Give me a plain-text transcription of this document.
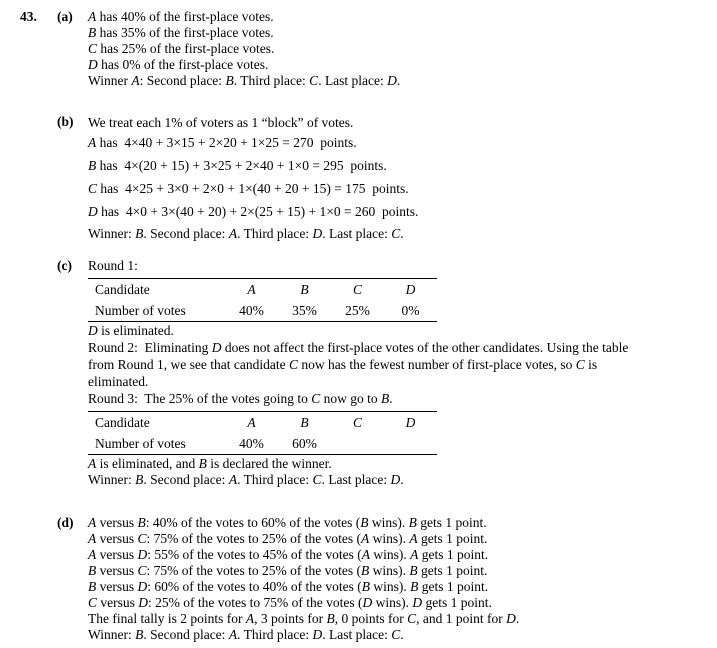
43.	(a)	A has 40% of the first-place votes.
B has 35% of the first-place votes.
C has 25% of the first-place votes.
D has 0% of the first-place votes.
Winner A: Second place: B. Third place: C. Last place: D.
(b)	We treat each 1% of voters as 1 “block” of votes.
A has  4×40 + 3×15 + 2×20 + 1×25 = 270  points.
B has  4×(20 + 15) + 3×25 + 2×40 + 1×0 = 295  points.
C has  4×25 + 3×0 + 2×0 + 1×(40 + 20 + 15) = 175  points.
D has  4×0 + 3×(40 + 20) + 2×(25 + 15) + 1×0 = 260  points.
Winner: B. Second place: A. Third place: D. Last place: C.
(c)	Round 1:
Candidate	A	B	C	D
Number of votes	40%	35%	25%	0%
D is eliminated.
Round 2:  Eliminating D does not affect the first-place votes of the other candidates. Using the table
from Round 1, we see that candidate C now has the fewest number of first-place votes, so C is
eliminated.
Round 3:  The 25% of the votes going to C now go to B.
Candidate	A	B	C	D
Number of votes	40%	60%		
A is eliminated, and B is declared the winner.
Winner: B. Second place: A. Third place: C. Last place: D.
(d)	A versus B: 40% of the votes to 60% of the votes (B wins). B gets 1 point.
A versus C: 75% of the votes to 25% of the votes (A wins). A gets 1 point.
A versus D: 55% of the votes to 45% of the votes (A wins). A gets 1 point.
B versus C: 75% of the votes to 25% of the votes (B wins). B gets 1 point.
B versus D: 60% of the votes to 40% of the votes (B wins). B gets 1 point.
C versus D: 25% of the votes to 75% of the votes (D wins). D gets 1 point.
The final tally is 2 points for A, 3 points for B, 0 points for C, and 1 point for D.
Winner: B. Second place: A. Third place: D. Last place: C.
